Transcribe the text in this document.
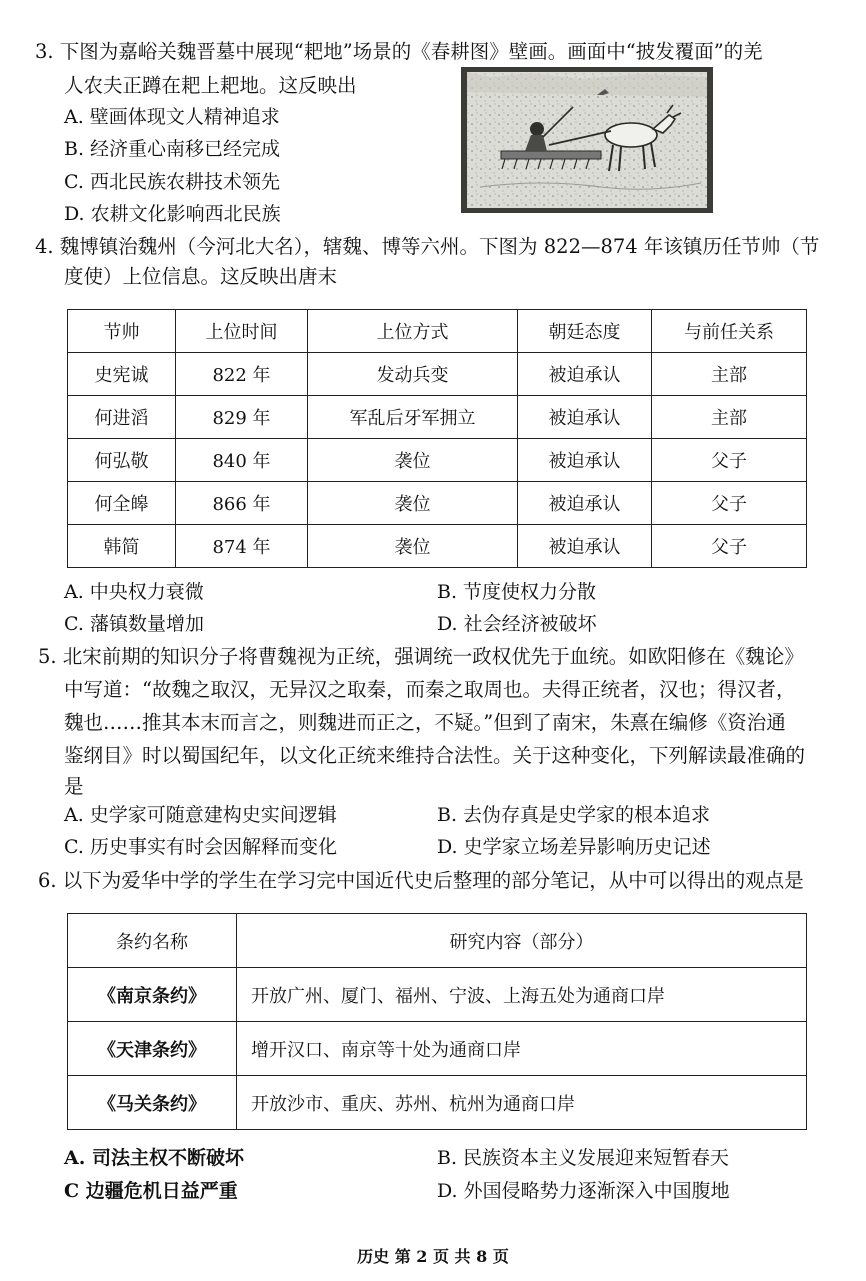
3. 下图为嘉峪关魏晋墓中展现“耙地”场景的《春耕图》壁画。画面中“披发覆面”的羌
人农夫正蹲在耙上耙地。这反映出
A. 壁画体现文人精神追求
B. 经济重心南移已经完成
C. 西北民族农耕技术领先
D. 农耕文化影响西北民族
4. 魏博镇治魏州（今河北大名），辖魏、博等六州。下图为 822—874 年该镇历任节帅（节
度使）上位信息。这反映出唐末
节帅	上位时间	上位方式	朝廷态度	与前任关系
史宪诚	822 年	发动兵变	被迫承认	主部
何进滔	829 年	军乱后牙军拥立	被迫承认	主部
何弘敬	840 年	袭位	被迫承认	父子
何全皞	866 年	袭位	被迫承认	父子
韩简	874 年	袭位	被迫承认	父子
A. 中央权力衰微	B. 节度使权力分散
C. 藩镇数量增加	D. 社会经济被破坏
5. 北宋前期的知识分子将曹魏视为正统，强调统一政权优先于血统。如欧阳修在《魏论》
中写道：“故魏之取汉，无异汉之取秦，而秦之取周也。夫得正统者，汉也；得汉者，
魏也……推其本末而言之，则魏进而正之，不疑。”但到了南宋，朱熹在编修《资治通
鉴纲目》时以蜀国纪年，以文化正统来维持合法性。关于这种变化，下列解读最准确的
是
A. 史学家可随意建构史实间逻辑	B. 去伪存真是史学家的根本追求
C. 历史事实有时会因解释而变化	D. 史学家立场差异影响历史记述
6. 以下为爱华中学的学生在学习完中国近代史后整理的部分笔记，从中可以得出的观点是
条约名称	研究内容（部分）
《南京条约》	开放广州、厦门、福州、宁波、上海五处为通商口岸
《天津条约》	增开汉口、南京等十处为通商口岸
《马关条约》	开放沙市、重庆、苏州、杭州为通商口岸
A. 司法主权不断破坏	B. 民族资本主义发展迎来短暂春天
C 边疆危机日益严重	D. 外国侵略势力逐渐深入中国腹地
历史 第 2 页 共 8 页
